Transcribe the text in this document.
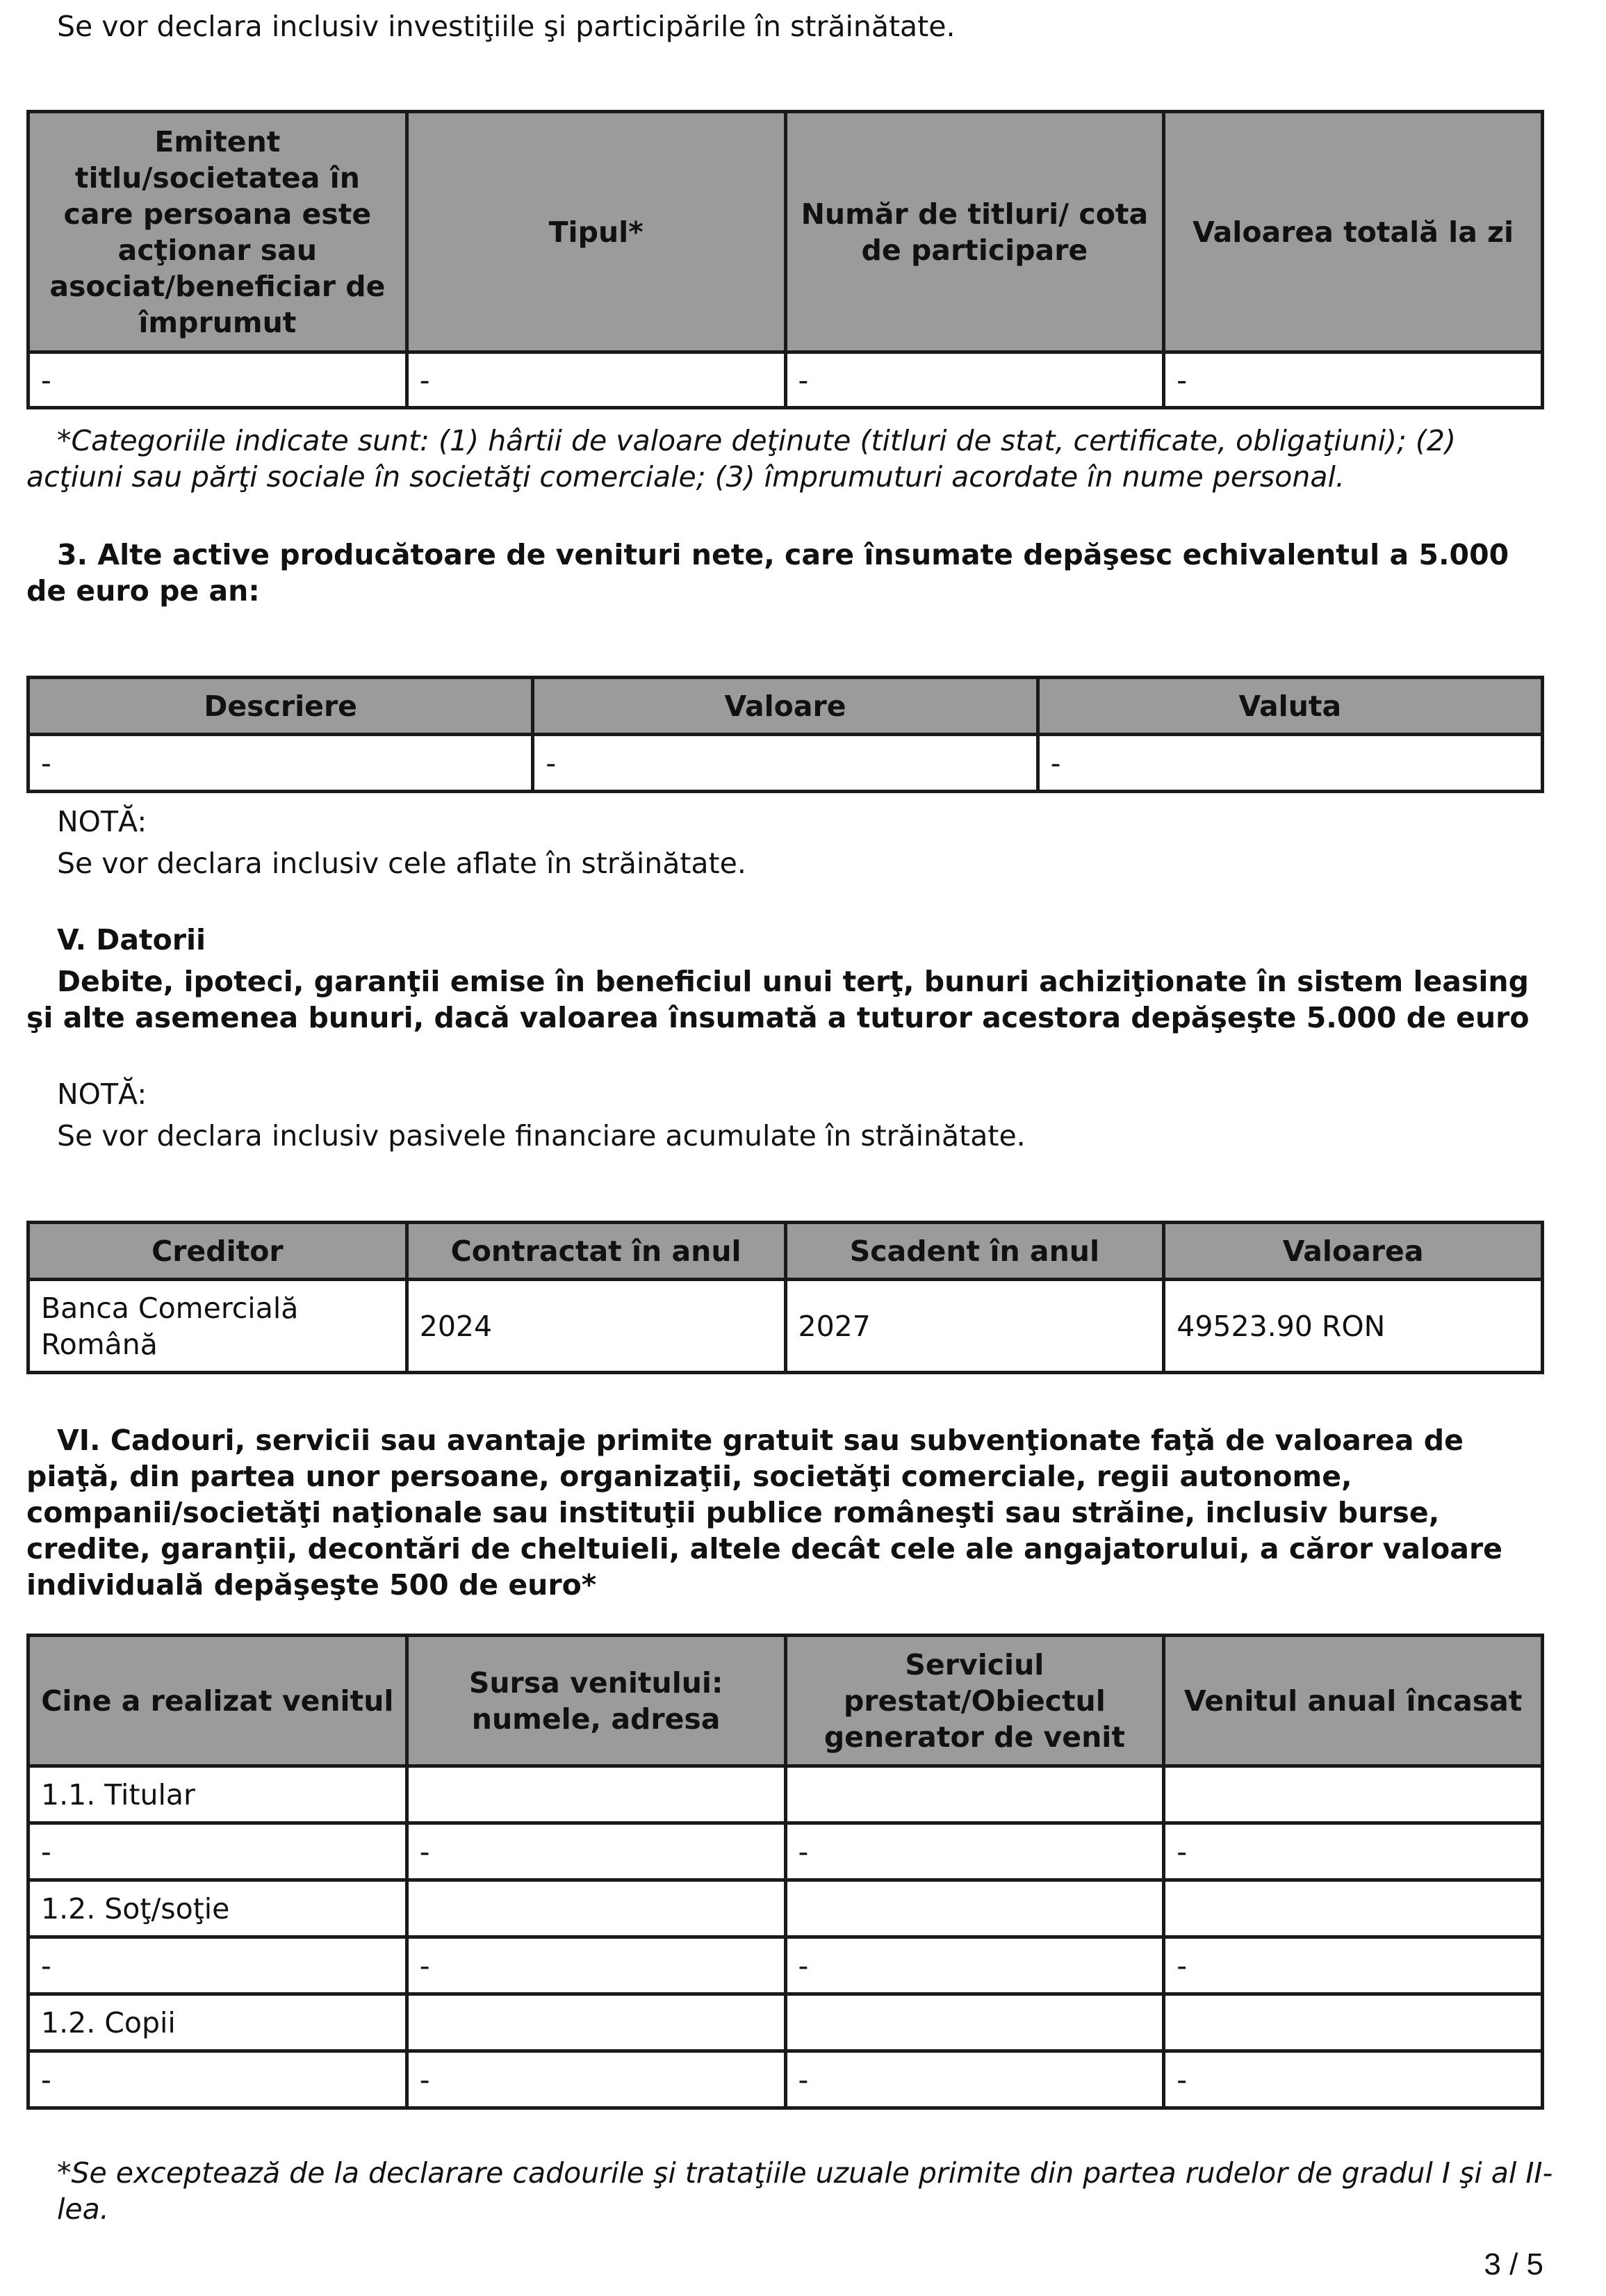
Se vor declara inclusiv investiţiile şi participările în străinătate.

Emitent titlu/societatea în care persoana este acţionar sau asociat/beneficiar de împrumut	Tipul*	Număr de titluri/ cota de participare	Valoarea totală la zi
-	-	-	-

*Categoriile indicate sunt: (1) hârtii de valoare deţinute (titluri de stat, certificate, obligaţiuni); (2) acţiuni sau părţi sociale în societăţi comerciale; (3) împrumuturi acordate în nume personal.

3. Alte active producătoare de venituri nete, care însumate depăşesc echivalentul a 5.000 de euro pe an:

Descriere	Valoare	Valuta
-	-	-

NOTĂ:

Se vor declara inclusiv cele aflate în străinătate.

V. Datorii

Debite, ipoteci, garanţii emise în beneficiul unui terţ, bunuri achiziţionate în sistem leasing şi alte asemenea bunuri, dacă valoarea însumată a tuturor acestora depăşeşte 5.000 de euro

NOTĂ:

Se vor declara inclusiv pasivele financiare acumulate în străinătate.

Creditor	Contractat în anul	Scadent în anul	Valoarea
Banca Comercială Română	2024	2027	49523.90 RON

VI. Cadouri, servicii sau avantaje primite gratuit sau subvenţionate faţă de valoarea de piaţă, din partea unor persoane, organizaţii, societăţi comerciale, regii autonome, companii/societăţi naţionale sau instituţii publice româneşti sau străine, inclusiv burse, credite, garanţii, decontări de cheltuieli, altele decât cele ale angajatorului, a căror valoare individuală depăşeşte 500 de euro*

Cine a realizat venitul	Sursa venitului: numele, adresa	Serviciul prestat/Obiectul generator de venit	Venitul anual încasat
1.1. Titular			
-	-	-	-
1.2. Soţ/soţie			
-	-	-	-
1.2. Copii			
-	-	-	-

*Se exceptează de la declarare cadourile şi trataţiile uzuale primite din partea rudelor de gradul I şi al II-lea.

3 / 5
